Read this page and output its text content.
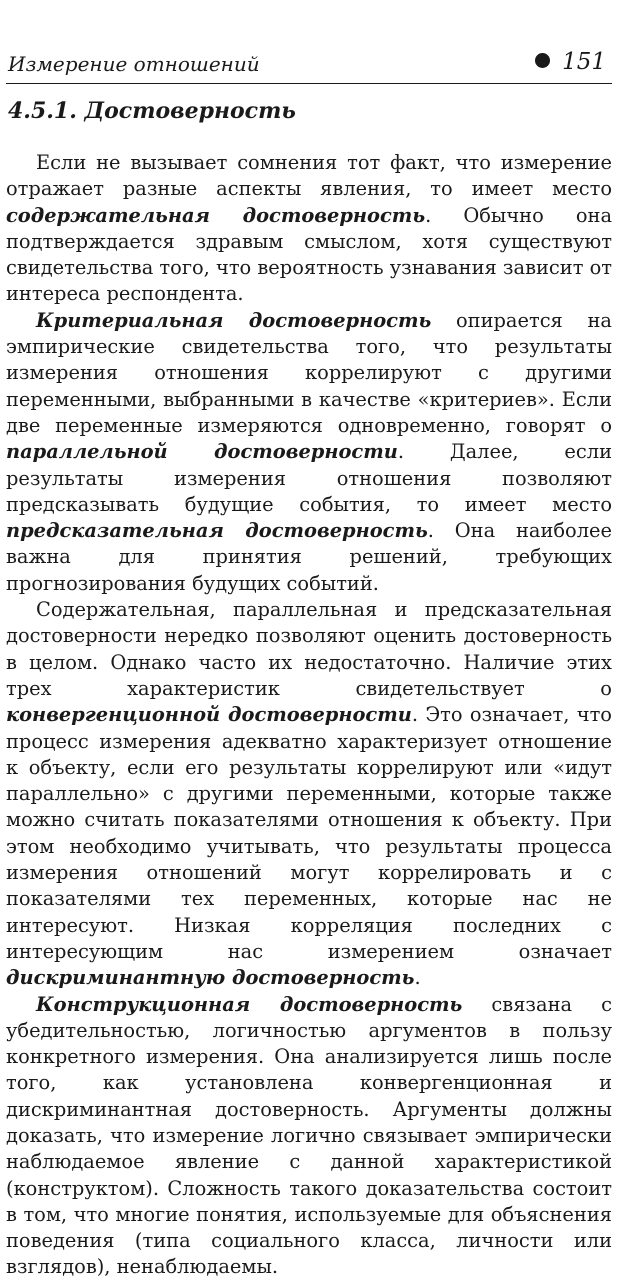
Измерение отношений	151
4.5.1. Достоверность

Если не вызывает сомнения тот факт, что измерение отражает разные аспекты явления, то имеет место содержательная достоверность. Обычно она подтверждается здравым смыслом, хотя существуют свидетельства того, что вероятность узнавания зависит от интереса респондента.

Критериальная достоверность опирается на эмпирические свидетельства того, что результаты измерения отношения коррелируют с другими переменными, выбранными в качестве «критериев». Если две переменные измеряются одновременно, говорят о параллельной достоверности. Далее, если результаты измерения отношения позволяют предсказывать будущие события, то имеет место предсказательная достоверность. Она наиболее важна для принятия решений, требующих прогнозирования будущих событий.

Содержательная, параллельная и предсказательная достоверности нередко позволяют оценить достоверность в целом. Однако часто их недостаточно. Наличие этих трех характеристик свидетельствует о конвергенционной достоверности. Это означает, что процесс измерения адекватно характеризует отношение к объекту, если его результаты коррелируют или «идут параллельно» с другими переменными, которые также можно считать показателями отношения к объекту. При этом необходимо учитывать, что результаты процесса измерения отношений могут коррелировать и с показателями тех переменных, которые нас не интересуют. Низкая корреляция последних с интересующим нас измерением означает дискриминантную достоверность.

Конструкционная достоверность связана с убедительностью, логичностью аргументов в пользу конкретного измерения. Она анализируется лишь после того, как установлена конвергенционная и дискриминантная достоверность. Аргументы должны доказать, что измерение логично связывает эмпирически наблюдаемое явление с данной характеристикой (конструктом). Сложность такого доказательства состоит в том, что многие понятия, используемые для объяснения поведения (типа социального класса, личности или взглядов), ненаблюдаемы.
